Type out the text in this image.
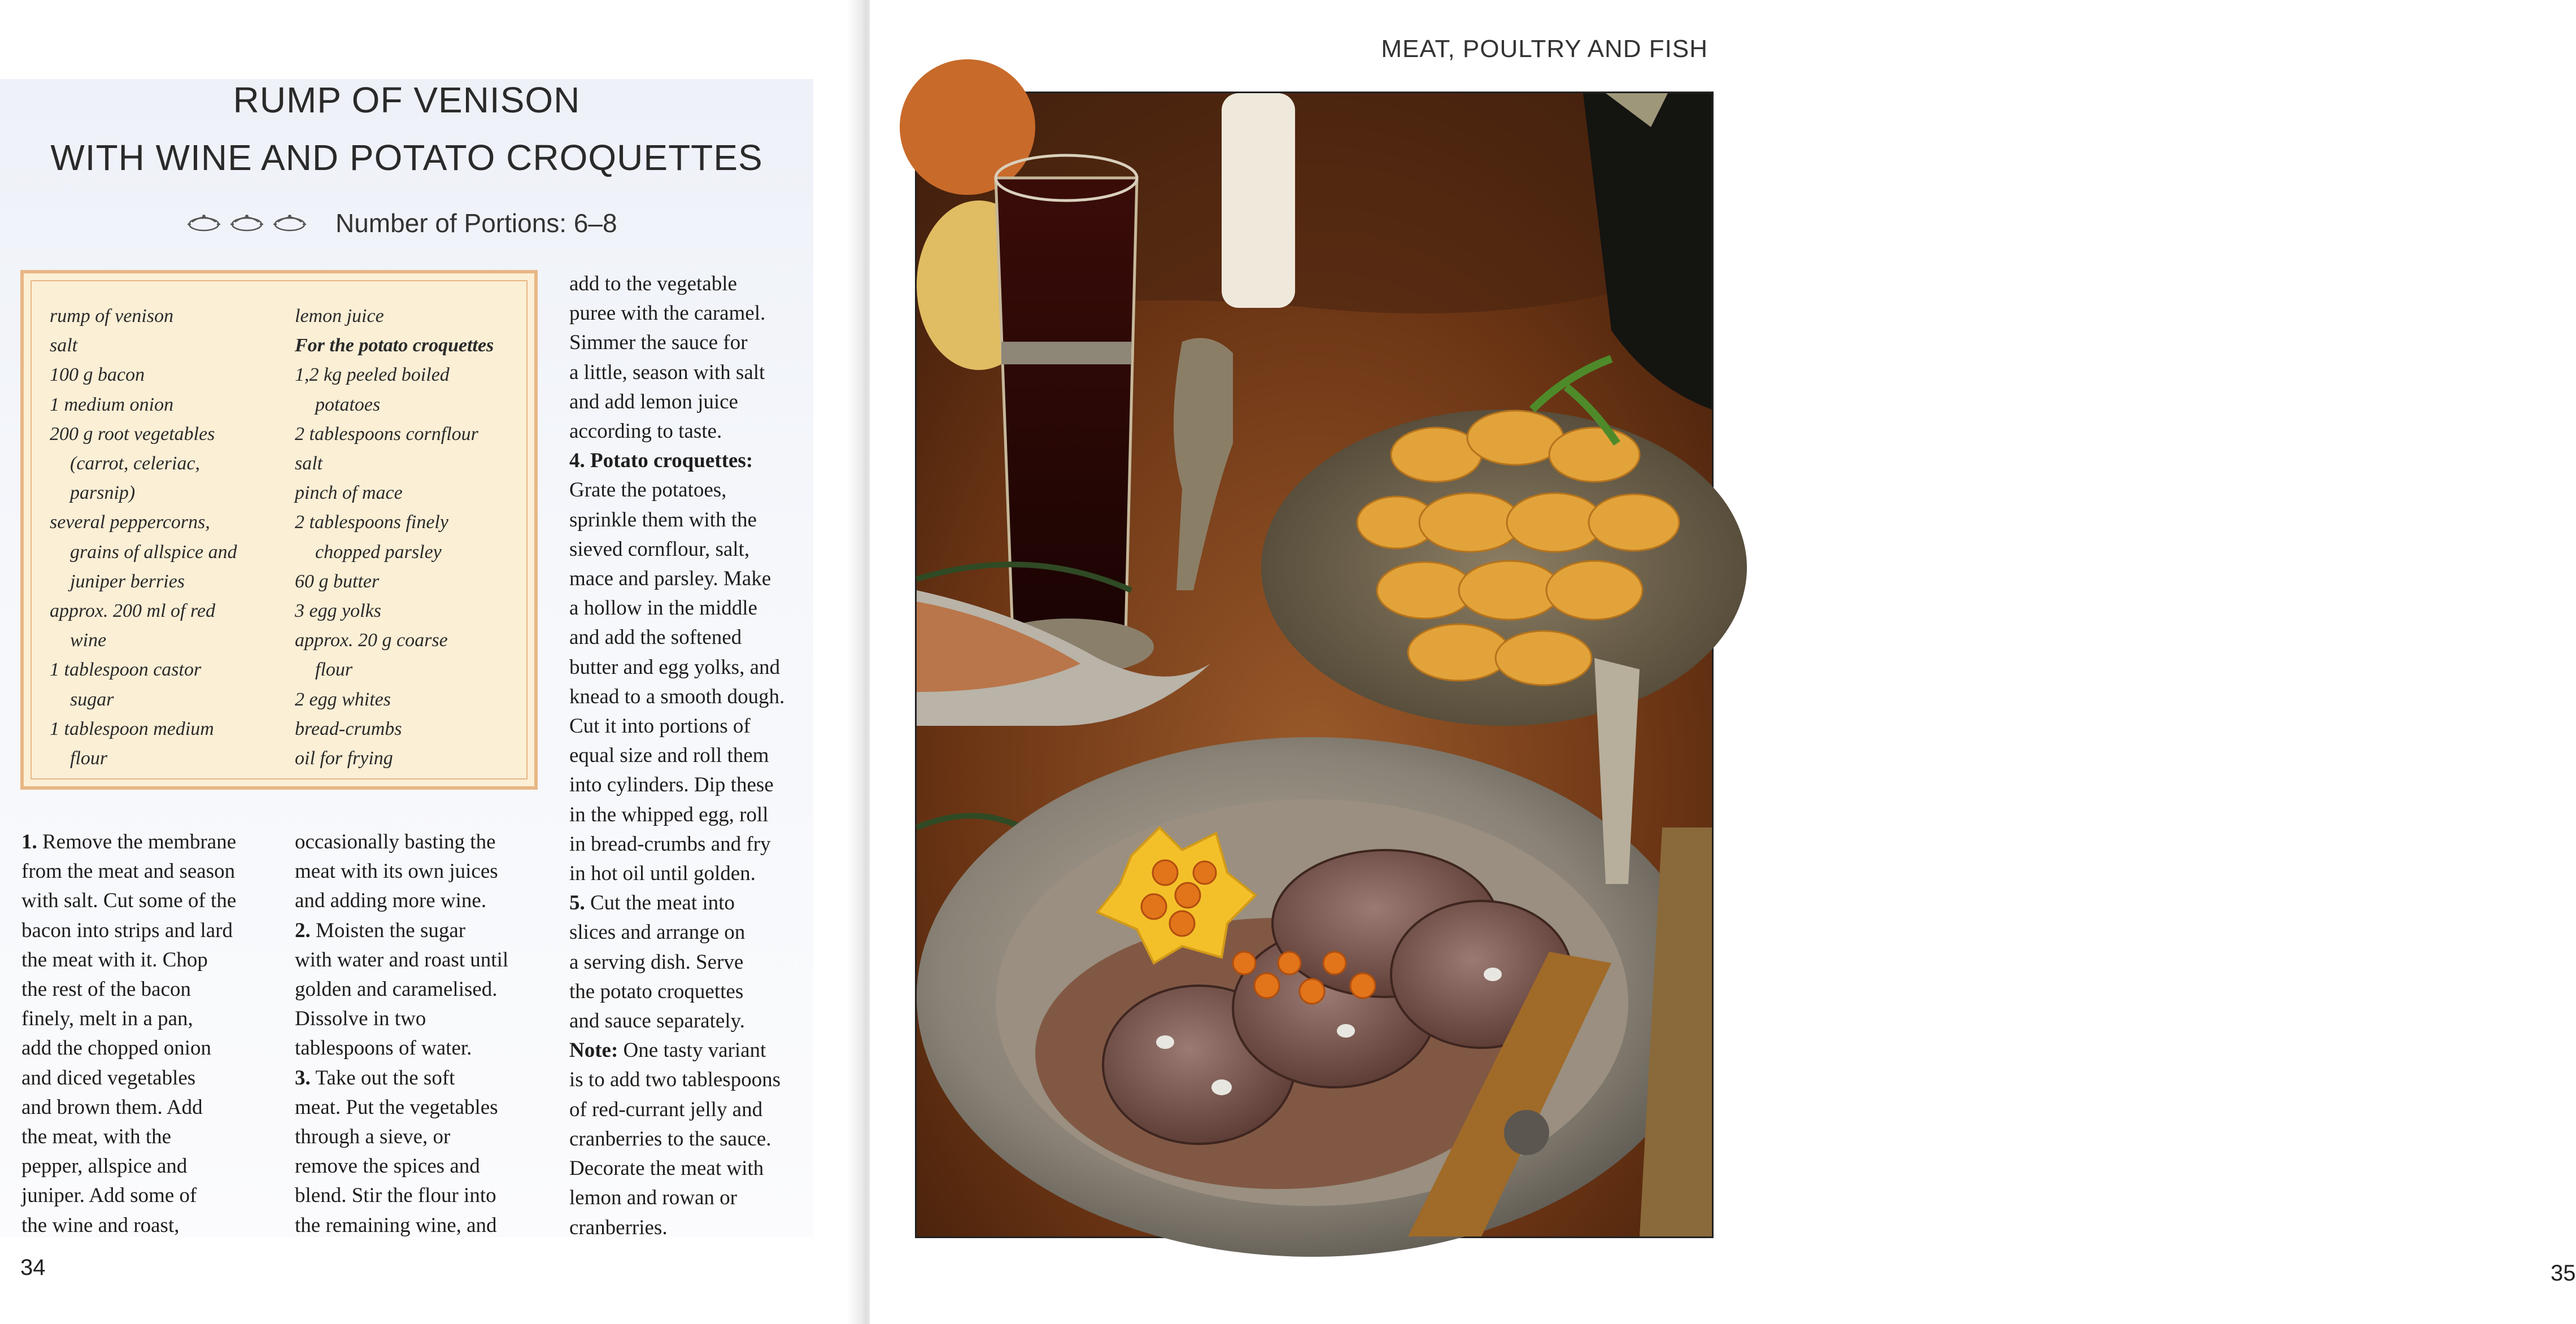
RUMP OF VENISON
WITH WINE AND POTATO CROQUETTES
Number of Portions: 6–8
rump of venison
salt
100 g bacon
1 medium onion
200 g root vegetables
(carrot, celeriac,
parsnip)
several peppercorns,
grains of allspice and
juniper berries
approx. 200 ml of red
wine
1 tablespoon castor
sugar
1 tablespoon medium
flour
lemon juice
For the potato croquettes
1,2 kg peeled boiled
potatoes
2 tablespoons cornflour
salt
pinch of mace
2 tablespoons finely
chopped parsley
60 g butter
3 egg yolks
approx. 20 g coarse
flour
2 egg whites
bread-crumbs
oil for frying
1. Remove the membrane
from the meat and season
with salt. Cut some of the
bacon into strips and lard
the meat with it. Chop
the rest of the bacon
finely, melt in a pan,
add the chopped onion
and diced vegetables
and brown them. Add
the meat, with the
pepper, allspice and
juniper. Add some of
the wine and roast,
occasionally basting the
meat with its own juices
and adding more wine.
2. Moisten the sugar
with water and roast until
golden and caramelised.
Dissolve in two
tablespoons of water.
3. Take out the soft
meat. Put the vegetables
through a sieve, or
remove the spices and
blend. Stir the flour into
the remaining wine, and
add to the vegetable
puree with the caramel.
Simmer the sauce for
a little, season with salt
and add lemon juice
according to taste.
4. Potato croquettes:
Grate the potatoes,
sprinkle them with the
sieved cornflour, salt,
mace and parsley. Make
a hollow in the middle
and add the softened
butter and egg yolks, and
knead to a smooth dough.
Cut it into portions of
equal size and roll them
into cylinders. Dip these
in the whipped egg, roll
in bread-crumbs and fry
in hot oil until golden.
5. Cut the meat into
slices and arrange on
a serving dish. Serve
the potato croquettes
and sauce separately.
Note: One tasty variant
is to add two tablespoons
of red-currant jelly and
cranberries to the sauce.
Decorate the meat with
lemon and rowan or
cranberries.
34
MEAT, POULTRY AND FISH
35
